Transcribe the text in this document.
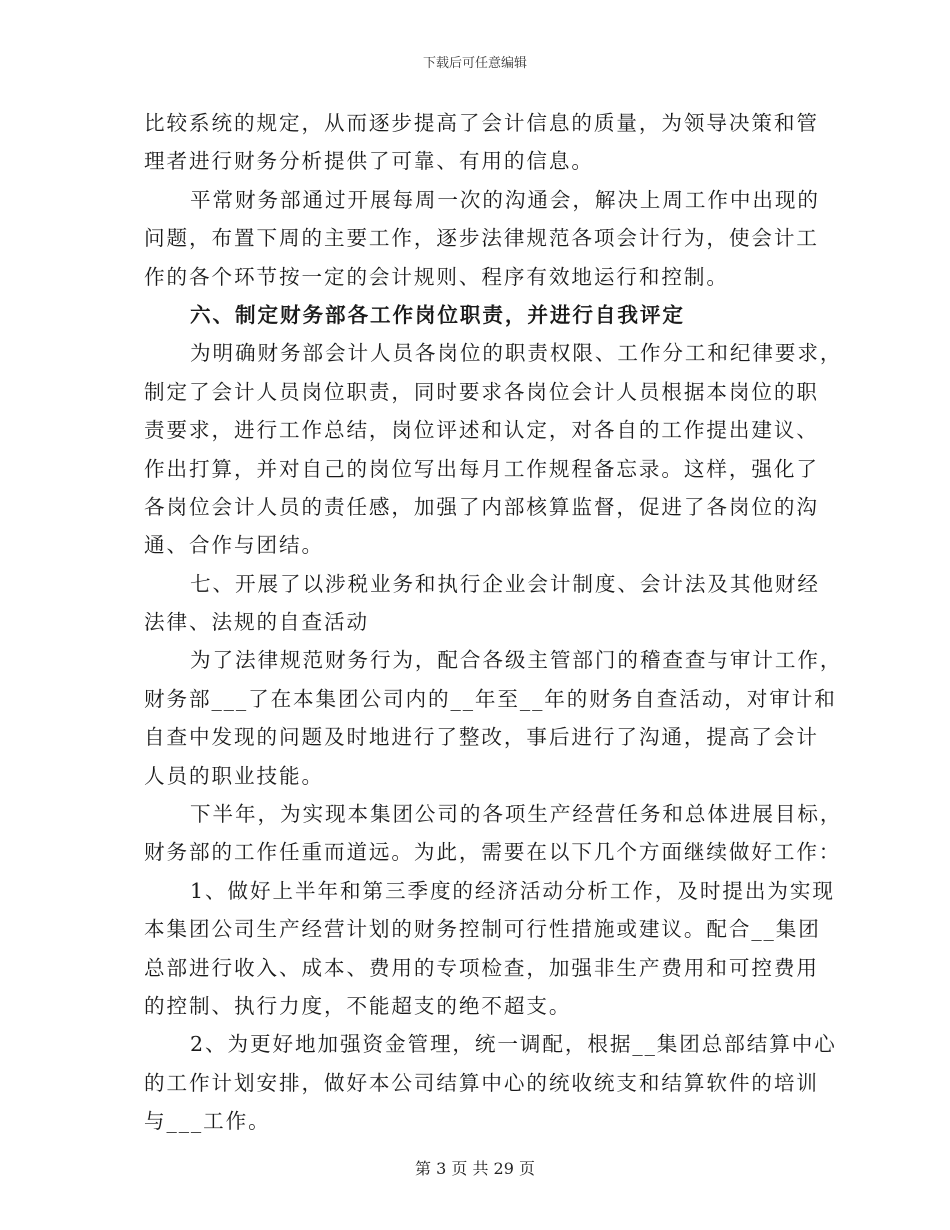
下载后可任意编辑
比较系统的规定，从而逐步提高了会计信息的质量，为领导决策和管
理者进行财务分析提供了可靠、有用的信息。
平常财务部通过开展每周一次的沟通会，解决上周工作中出现的
问题，布置下周的主要工作，逐步法律规范各项会计行为，使会计工
作的各个环节按一定的会计规则、程序有效地运行和控制。
六、制定财务部各工作岗位职责，并进行自我评定
为明确财务部会计人员各岗位的职责权限、工作分工和纪律要求，
制定了会计人员岗位职责，同时要求各岗位会计人员根据本岗位的职
责要求，进行工作总结，岗位评述和认定，对各自的工作提出建议、
作出打算，并对自己的岗位写出每月工作规程备忘录。这样，强化了
各岗位会计人员的责任感，加强了内部核算监督，促进了各岗位的沟
通、合作与团结。
七、开展了以涉税业务和执行企业会计制度、会计法及其他财经
法律、法规的自查活动
为了法律规范财务行为，配合各级主管部门的稽查查与审计工作，
财务部___了在本集团公司内的__年至__年的财务自查活动，对审计和
自查中发现的问题及时地进行了整改，事后进行了沟通，提高了会计
人员的职业技能。
下半年，为实现本集团公司的各项生产经营任务和总体进展目标，
财务部的工作任重而道远。为此，需要在以下几个方面继续做好工作：
1、做好上半年和第三季度的经济活动分析工作，及时提出为实现
本集团公司生产经营计划的财务控制可行性措施或建议。配合__集团
总部进行收入、成本、费用的专项检查，加强非生产费用和可控费用
的控制、执行力度，不能超支的绝不超支。
2、为更好地加强资金管理，统一调配，根据__集团总部结算中心
的工作计划安排，做好本公司结算中心的统收统支和结算软件的培训
与___工作。
第 3 页 共 29 页
